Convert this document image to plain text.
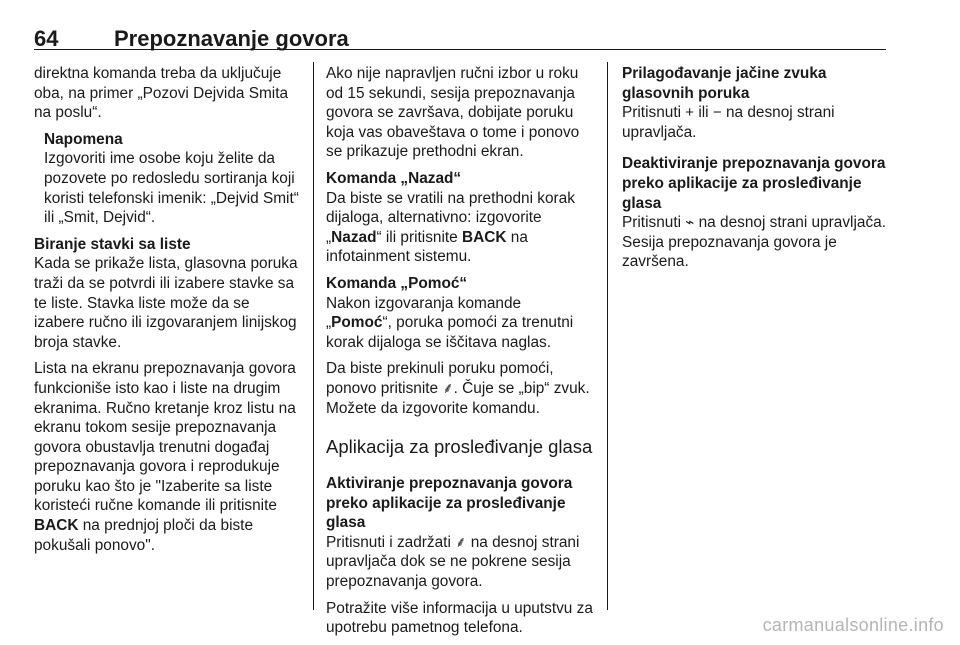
64	Prepoznavanje govora

direktna komanda treba da uključuje oba, na primer „Pozovi Dejvida Smita na poslu“.

Napomena
Izgovoriti ime osobe koju želite da pozovete po redosledu sortiranja koji koristi telefonski imenik: „Dejvid Smit“ ili „Smit, Dejvid“.
Biranje stavki sa liste

Kada se prikaže lista, glasovna poruka traži da se potvrdi ili izabere stavke sa te liste. Stavka liste može da se izabere ručno ili izgovaranjem linijskog broja stavke.

Lista na ekranu prepoznavanja govora funkcioniše isto kao i liste na drugim ekranima. Ručno kretanje kroz listu na ekranu tokom sesije prepoznavanja govora obustavlja trenutni događaj prepoznavanja govora i reprodukuje poruku kao što je "Izaberite sa liste koristeći ručne komande ili pritisnite BACK na prednjoj ploči da biste pokušali ponovo".

Ako nije napravljen ručni izbor u roku od 15 sekundi, sesija prepoznavanja govora se završava, dobijate poruku koja vas obaveštava o tome i ponovo se prikazuje prethodni ekran.

Komanda „Nazad“

Da biste se vratili na prethodni korak dijaloga, alternativno: izgovorite
„Nazad“ ili pritisnite BACK na infotainment sistemu.

Komanda „Pomoć“

Nakon izgovaranja komande
„Pomoć“, poruka pomoći za trenutni korak dijaloga se iščitava naglas.

Da biste prekinuli poruku pomoći, ponovo pritisnite ⸙. Čuje se „bip“ zvuk. Možete da izgovorite komandu.

Aplikacija za prosleđivanje glasa
Aktiviranje prepoznavanja govora preko aplikacije za prosleđivanje glasa

Pritisnuti i zadržati ⸙ na desnoj strani upravljača dok se ne pokrene sesija prepoznavanja govora.

Potražite više informacija u uputstvu za upotrebu pametnog telefona.

Prilagođavanje jačine zvuka glasovnih poruka

Pritisnuti + ili − na desnoj strani upravljača.

Deaktiviranje prepoznavanja govora preko aplikacije za prosleđivanje glasa

Pritisnuti ⌁ na desnoj strani upravljača. Sesija prepoznavanja govora je završena.

carmanualsonline.info
